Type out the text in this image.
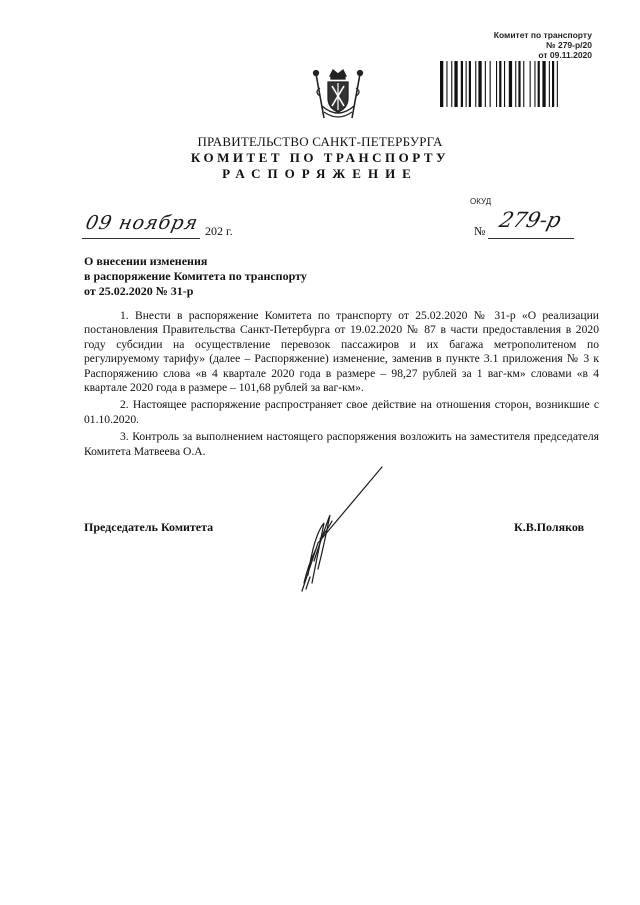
Комитет по транспорту
№ 279-р/20
от 09.11.2020
ПРАВИТЕЛЬСТВО САНКТ-ПЕТЕРБУРГА
КОМИТЕТ ПО ТРАНСПОРТУ
РАСПОРЯЖЕНИЕ
ОКУД
09 ноября 202 г.	№ 279-р
О внесении изменения
в распоряжение Комитета по транспорту
от 25.02.2020 № 31-р

1. Внести в распоряжение Комитета по транспорту от 25.02.2020 № 31-р «О реализации постановления Правительства Санкт-Петербурга от 19.02.2020 № 87 в части предоставления в 2020 году субсидии на осуществление перевозок пассажиров и их багажа метрополитеном по регулируемому тарифу» (далее – Распоряжение) изменение, заменив в пункте 3.1 приложения № 3 к Распоряжению слова «в 4 квартале 2020 года в размере – 98,27 рублей за 1 ваг-км» словами «в 4 квартале 2020 года в размере – 101,68 рублей за ваг-км».

2. Настоящее распоряжение распространяет свое действие на отношения сторон, возникшие с 01.10.2020.

3. Контроль за выполнением настоящего распоряжения возложить на заместителя председателя Комитета Матвеева О.А.

Председатель Комитета	К.В.Поляков
